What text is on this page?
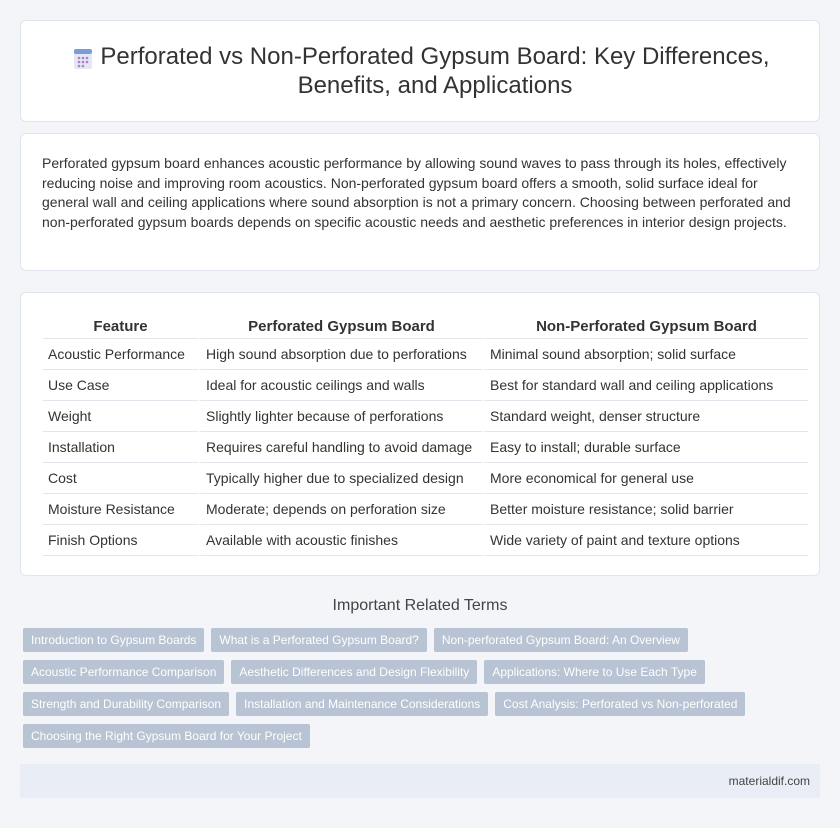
Perforated vs Non-Perforated Gypsum Board: Key Differences, Benefits, and Applications

Perforated gypsum board enhances acoustic performance by allowing sound waves to pass through its holes, effectively reducing noise and improving room acoustics. Non-perforated gypsum board offers a smooth, solid surface ideal for general wall and ceiling applications where sound absorption is not a primary concern. Choosing between perforated and non-perforated gypsum boards depends on specific acoustic needs and aesthetic preferences in interior design projects.

Feature	Perforated Gypsum Board	Non-Perforated Gypsum Board
Acoustic Performance	High sound absorption due to perforations	Minimal sound absorption; solid surface
Use Case	Ideal for acoustic ceilings and walls	Best for standard wall and ceiling applications
Weight	Slightly lighter because of perforations	Standard weight, denser structure
Installation	Requires careful handling to avoid damage	Easy to install; durable surface
Cost	Typically higher due to specialized design	More economical for general use
Moisture Resistance	Moderate; depends on perforation size	Better moisture resistance; solid barrier
Finish Options	Available with acoustic finishes	Wide variety of paint and texture options
Important Related Terms
Introduction to Gypsum Boards	What is a Perforated Gypsum Board?	Non-perforated Gypsum Board: An Overview
Acoustic Performance Comparison	Aesthetic Differences and Design Flexibility	Applications: Where to Use Each Type
Strength and Durability Comparison	Installation and Maintenance Considerations	Cost Analysis: Perforated vs Non-perforated
Choosing the Right Gypsum Board for Your Project
materialdif.com
